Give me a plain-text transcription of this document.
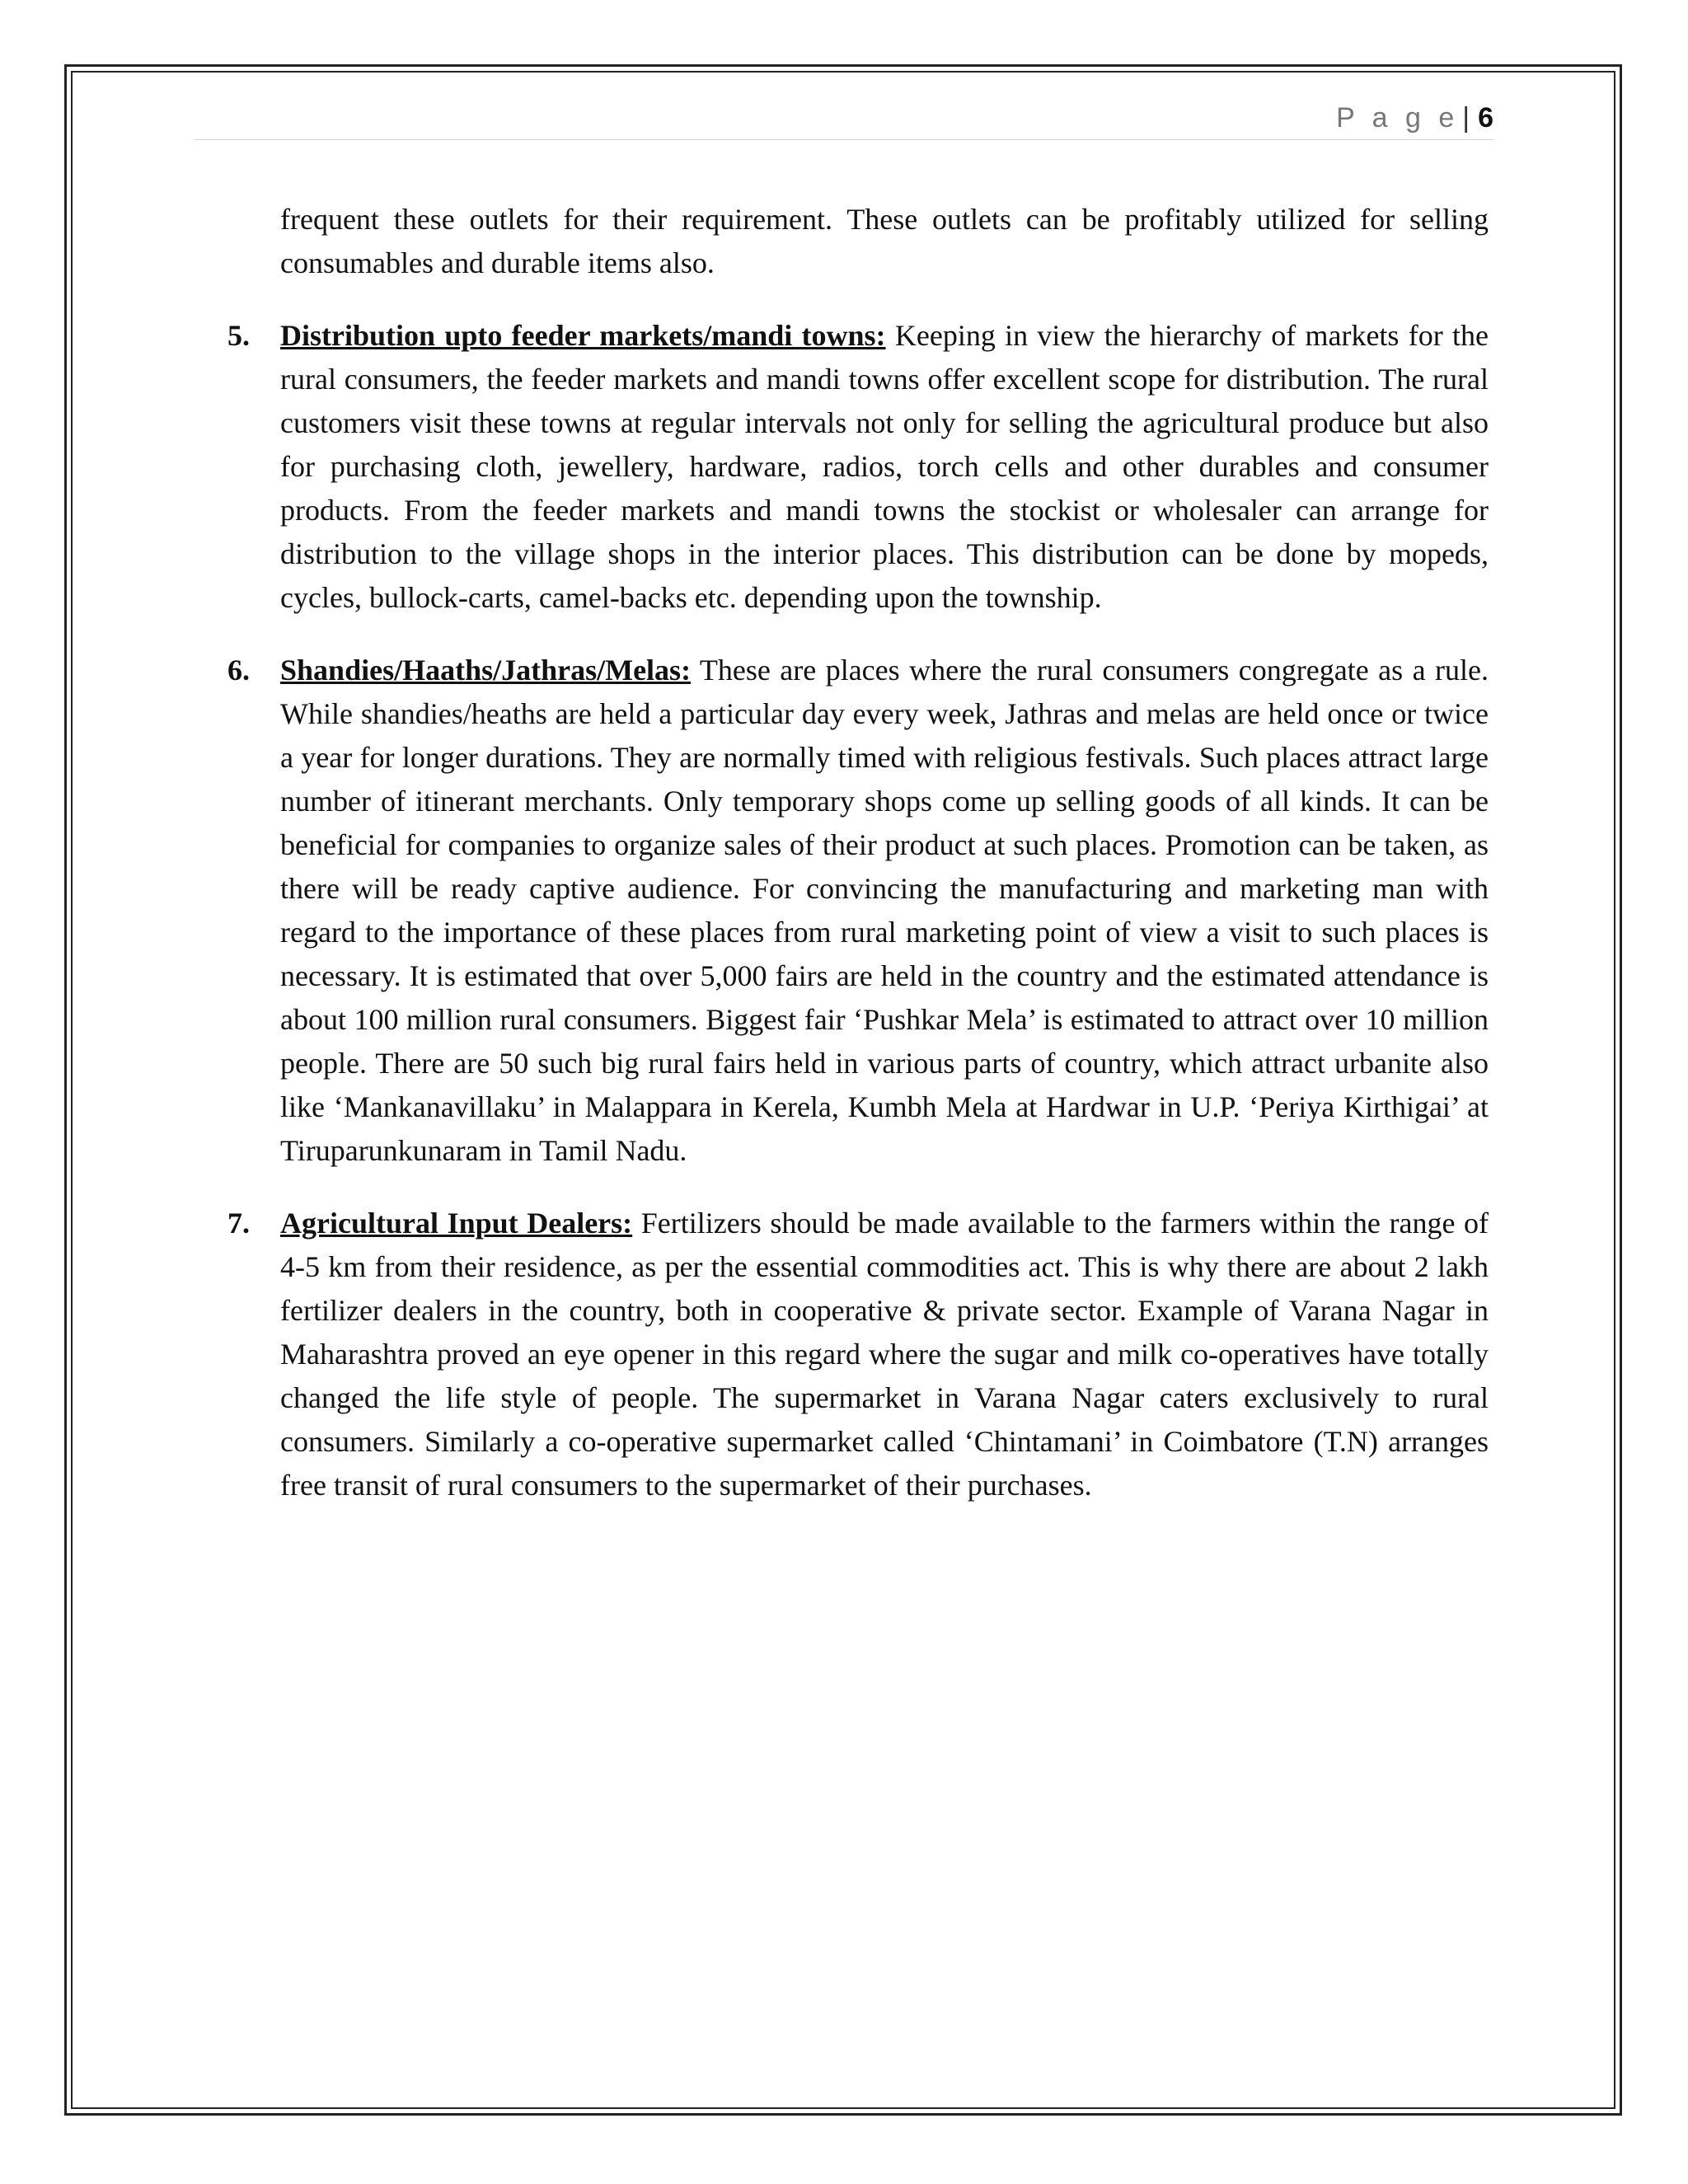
P a g e | 6

frequent these outlets for their requirement. These outlets can be profitably utilized for selling consumables and durable items also.

5. Distribution upto feeder markets/mandi towns: Keeping in view the hierarchy of markets for the rural consumers, the feeder markets and mandi towns offer excellent scope for distribution. The rural customers visit these towns at regular intervals not only for selling the agricultural produce but also for purchasing cloth, jewellery, hardware, radios, torch cells and other durables and consumer products. From the feeder markets and mandi towns the stockist or wholesaler can arrange for distribution to the village shops in the interior places. This distribution can be done by mopeds, cycles, bullock-carts, camel-backs etc. depending upon the township.
6. Shandies/Haaths/Jathras/Melas: These are places where the rural consumers congregate as a rule. While shandies/heaths are held a particular day every week, Jathras and melas are held once or twice a year for longer durations. They are normally timed with religious festivals. Such places attract large number of itinerant merchants. Only temporary shops come up selling goods of all kinds. It can be beneficial for companies to organize sales of their product at such places. Promotion can be taken, as there will be ready captive audience. For convincing the manufacturing and marketing man with regard to the importance of these places from rural marketing point of view a visit to such places is necessary. It is estimated that over 5,000 fairs are held in the country and the estimated attendance is about 100 million rural consumers. Biggest fair ‘Pushkar Mela’ is estimated to attract over 10 million people. There are 50 such big rural fairs held in various parts of country, which attract urbanite also like ‘Mankanavillaku’ in Malappara in Kerela, Kumbh Mela at Hardwar in U.P. ‘Periya Kirthigai’ at Tiruparunkunaram in Tamil Nadu.
7. Agricultural Input Dealers: Fertilizers should be made available to the farmers within the range of 4-5 km from their residence, as per the essential commodities act. This is why there are about 2 lakh fertilizer dealers in the country, both in cooperative & private sector. Example of Varana Nagar in Maharashtra proved an eye opener in this regard where the sugar and milk co-operatives have totally changed the life style of people. The supermarket in Varana Nagar caters exclusively to rural consumers. Similarly a co-operative supermarket called ‘Chintamani’ in Coimbatore (T.N) arranges free transit of rural consumers to the supermarket of their purchases.
